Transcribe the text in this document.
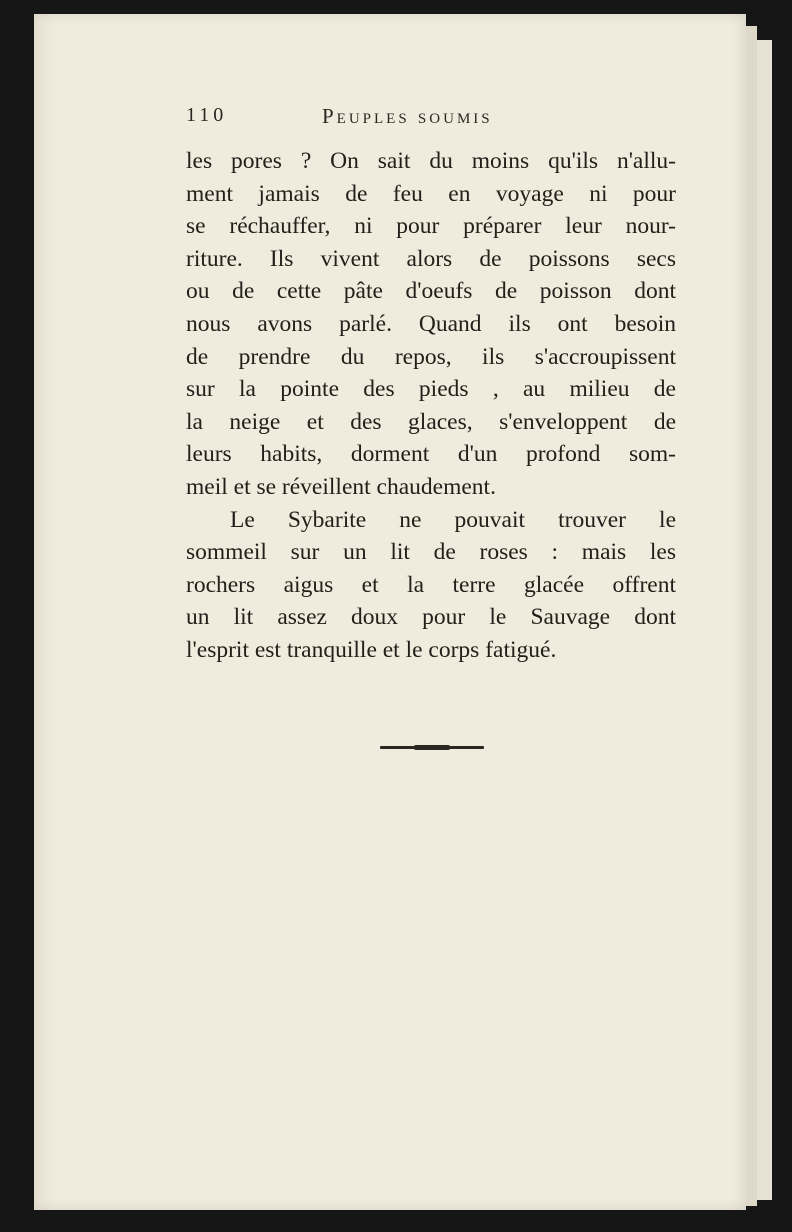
110	Peuples soumis
les pores ? On sait du moins qu'ils n'allu-
ment jamais de feu en voyage ni pour
se réchauffer, ni pour préparer leur nour-
riture. Ils vivent alors de poissons secs
ou de cette pâte d'oeufs de poisson dont
nous avons parlé. Quand ils ont besoin
de prendre du repos, ils s'accroupissent
sur la pointe des pieds , au milieu de
la neige et des glaces, s'enveloppent de
leurs habits, dorment d'un profond som-
meil et se réveillent chaudement.
Le Sybarite ne pouvait trouver le
sommeil sur un lit de roses : mais les
rochers aigus et la terre glacée offrent
un lit assez doux pour le Sauvage dont
l'esprit est tranquille et le corps fatigué.
